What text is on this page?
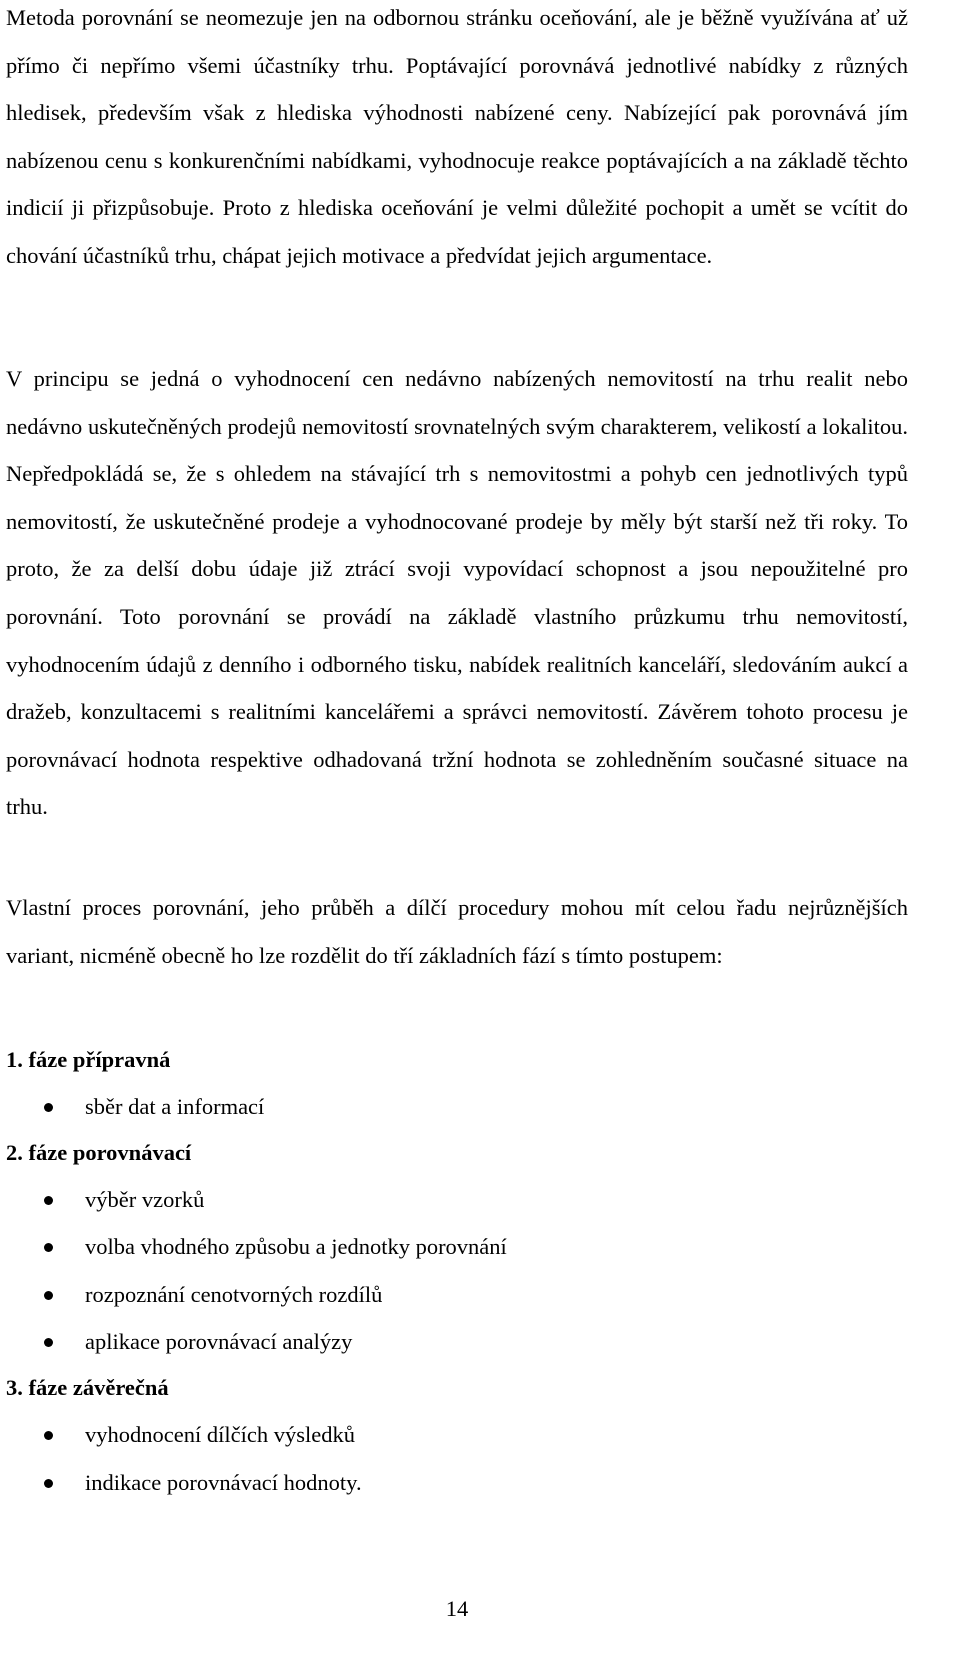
Metoda porovnání se neomezuje jen na odbornou stránku oceňování, ale je běžně využívána ať už přímo či nepřímo všemi účastníky trhu. Poptávající porovnává jednotlivé nabídky z různých hledisek, především však z hlediska výhodnosti nabízené ceny. Nabízející pak porovnává jím nabízenou cenu s konkurenčními nabídkami, vyhodnocuje reakce poptávajících a na základě těchto indicií ji přizpůsobuje. Proto z hlediska oceňování je velmi důležité pochopit a umět se vcítit do chování účastníků trhu, chápat jejich motivace a předvídat jejich argumentace.

V principu se jedná o vyhodnocení cen nedávno nabízených nemovitostí na trhu realit nebo nedávno uskutečněných prodejů nemovitostí srovnatelných svým charakterem, velikostí a lokalitou. Nepředpokládá se, že s ohledem na stávající trh s nemovitostmi a pohyb cen jednotlivých typů nemovitostí, že uskutečněné prodeje a vyhodnocované prodeje by měly být starší než tři roky. To proto, že za delší dobu údaje již ztrácí svoji vypovídací schopnost a jsou nepoužitelné pro porovnání. Toto porovnání se provádí na základě vlastního průzkumu trhu nemovitostí, vyhodnocením údajů z denního i odborného tisku, nabídek realitních kanceláří, sledováním aukcí a dražeb, konzultacemi s realitními kancelářemi a správci nemovitostí. Závěrem tohoto procesu je porovnávací hodnota respektive odhadovaná tržní hodnota se zohledněním současné situace na trhu.

Vlastní proces porovnání, jeho průběh a dílčí procedury mohou mít celou řadu nejrůznějších variant, nicméně obecně ho lze rozdělit do tří základních fází s tímto postupem:

1. fáze přípravná

sběr dat a informací

2. fáze porovnávací

výběr vzorků
volba vhodného způsobu a jednotky porovnání
rozpoznání cenotvorných rozdílů
aplikace porovnávací analýzy

3. fáze závěrečná

vyhodnocení dílčích výsledků
indikace porovnávací hodnoty.
14
